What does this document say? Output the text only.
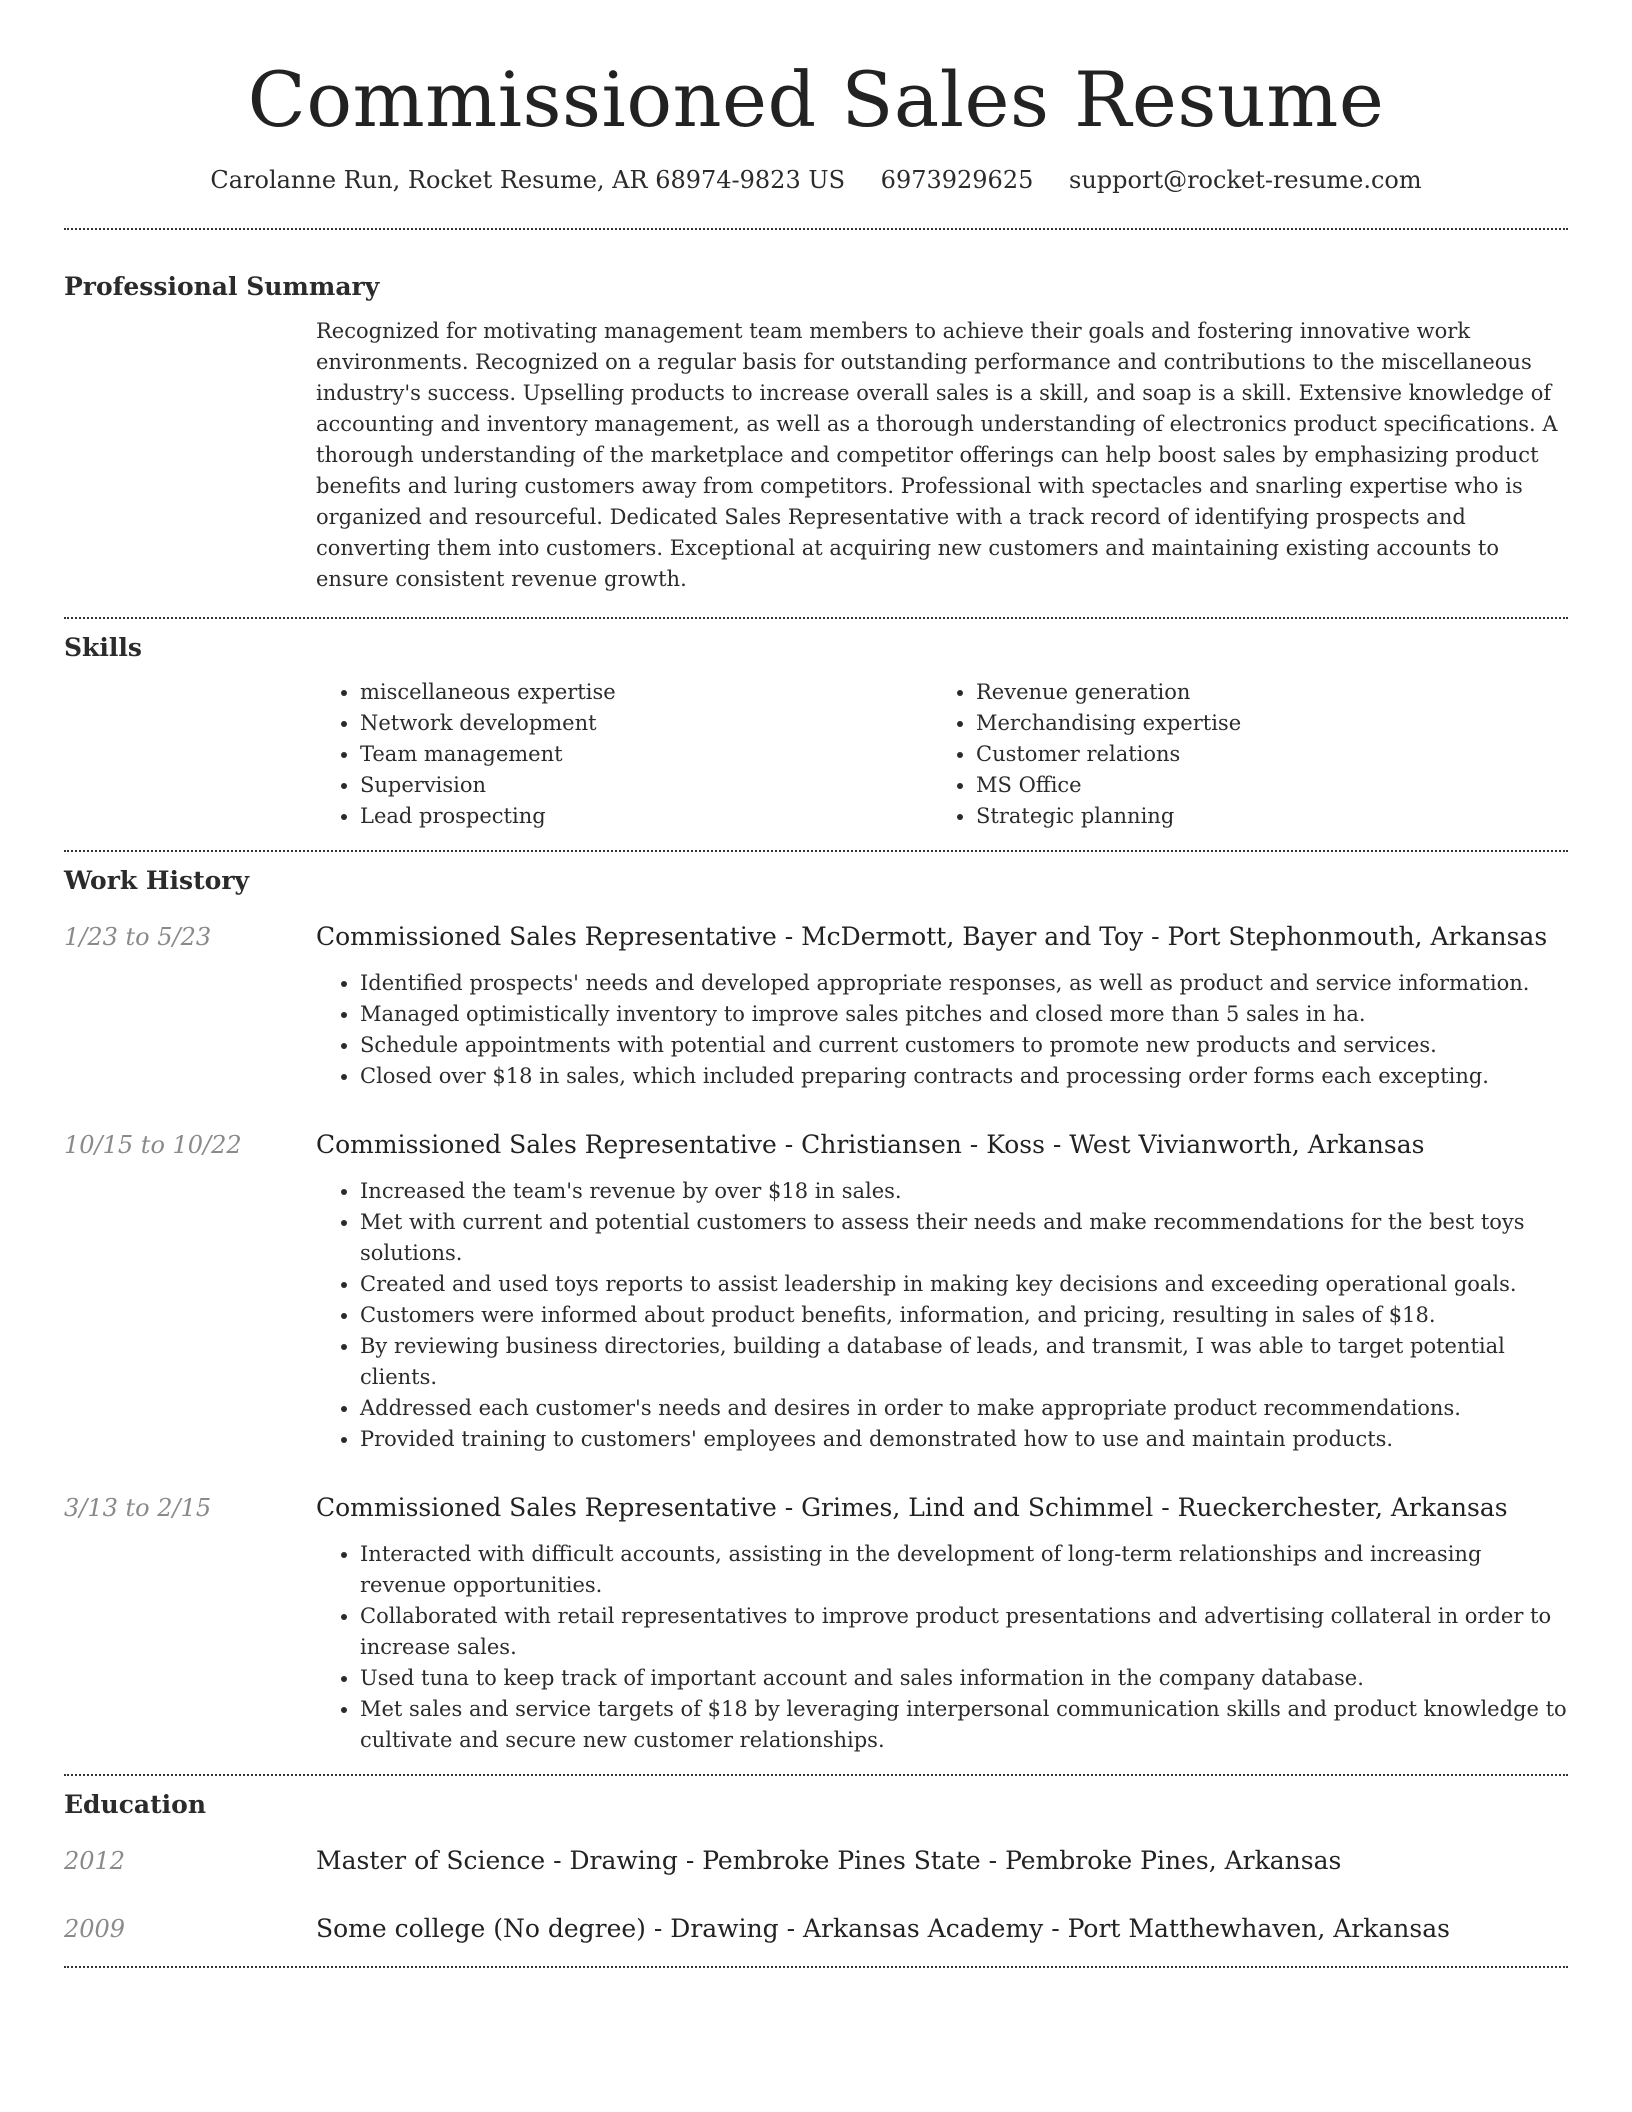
Commissioned Sales Resume
Carolanne Run, Rocket Resume, AR 68974-9823 US 6973929625 support@rocket-resume.com
Professional Summary

Recognized for motivating management team members to achieve their goals and fostering innovative work environments. Recognized on a regular basis for outstanding performance and contributions to the miscellaneous industry's success. Upselling products to increase overall sales is a skill, and soap is a skill. Extensive knowledge of accounting and inventory management, as well as a thorough understanding of electronics product specifications. A thorough understanding of the marketplace and competitor offerings can help boost sales by emphasizing product benefits and luring customers away from competitors. Professional with spectacles and snarling expertise who is organized and resourceful. Dedicated Sales Representative with a track record of identifying prospects and converting them into customers. Exceptional at acquiring new customers and maintaining existing accounts to ensure consistent revenue growth.

Skills
• miscellaneous expertise
• Network development
• Team management
• Supervision
• Lead prospecting
• Revenue generation
• Merchandising expertise
• Customer relations
• MS Office
• Strategic planning
Work History
1/23 to 5/23	Commissioned Sales Representative - McDermott, Bayer and Toy - Port Stephonmouth, Arkansas
• Identified prospects' needs and developed appropriate responses, as well as product and service information.
• Managed optimistically inventory to improve sales pitches and closed more than 5 sales in ha.
• Schedule appointments with potential and current customers to promote new products and services.
• Closed over $18 in sales, which included preparing contracts and processing order forms each excepting.
10/15 to 10/22	Commissioned Sales Representative - Christiansen - Koss - West Vivianworth, Arkansas
• Increased the team's revenue by over $18 in sales.
• Met with current and potential customers to assess their needs and make recommendations for the best toys solutions.
• Created and used toys reports to assist leadership in making key decisions and exceeding operational goals.
• Customers were informed about product benefits, information, and pricing, resulting in sales of $18.
• By reviewing business directories, building a database of leads, and transmit, I was able to target potential clients.
• Addressed each customer's needs and desires in order to make appropriate product recommendations.
• Provided training to customers' employees and demonstrated how to use and maintain products.
3/13 to 2/15	Commissioned Sales Representative - Grimes, Lind and Schimmel - Rueckerchester, Arkansas
• Interacted with difficult accounts, assisting in the development of long-term relationships and increasing revenue opportunities.
• Collaborated with retail representatives to improve product presentations and advertising collateral in order to increase sales.
• Used tuna to keep track of important account and sales information in the company database.
• Met sales and service targets of $18 by leveraging interpersonal communication skills and product knowledge to cultivate and secure new customer relationships.
Education
2012	Master of Science - Drawing - Pembroke Pines State - Pembroke Pines, Arkansas
2009	Some college (No degree) - Drawing - Arkansas Academy - Port Matthewhaven, Arkansas
